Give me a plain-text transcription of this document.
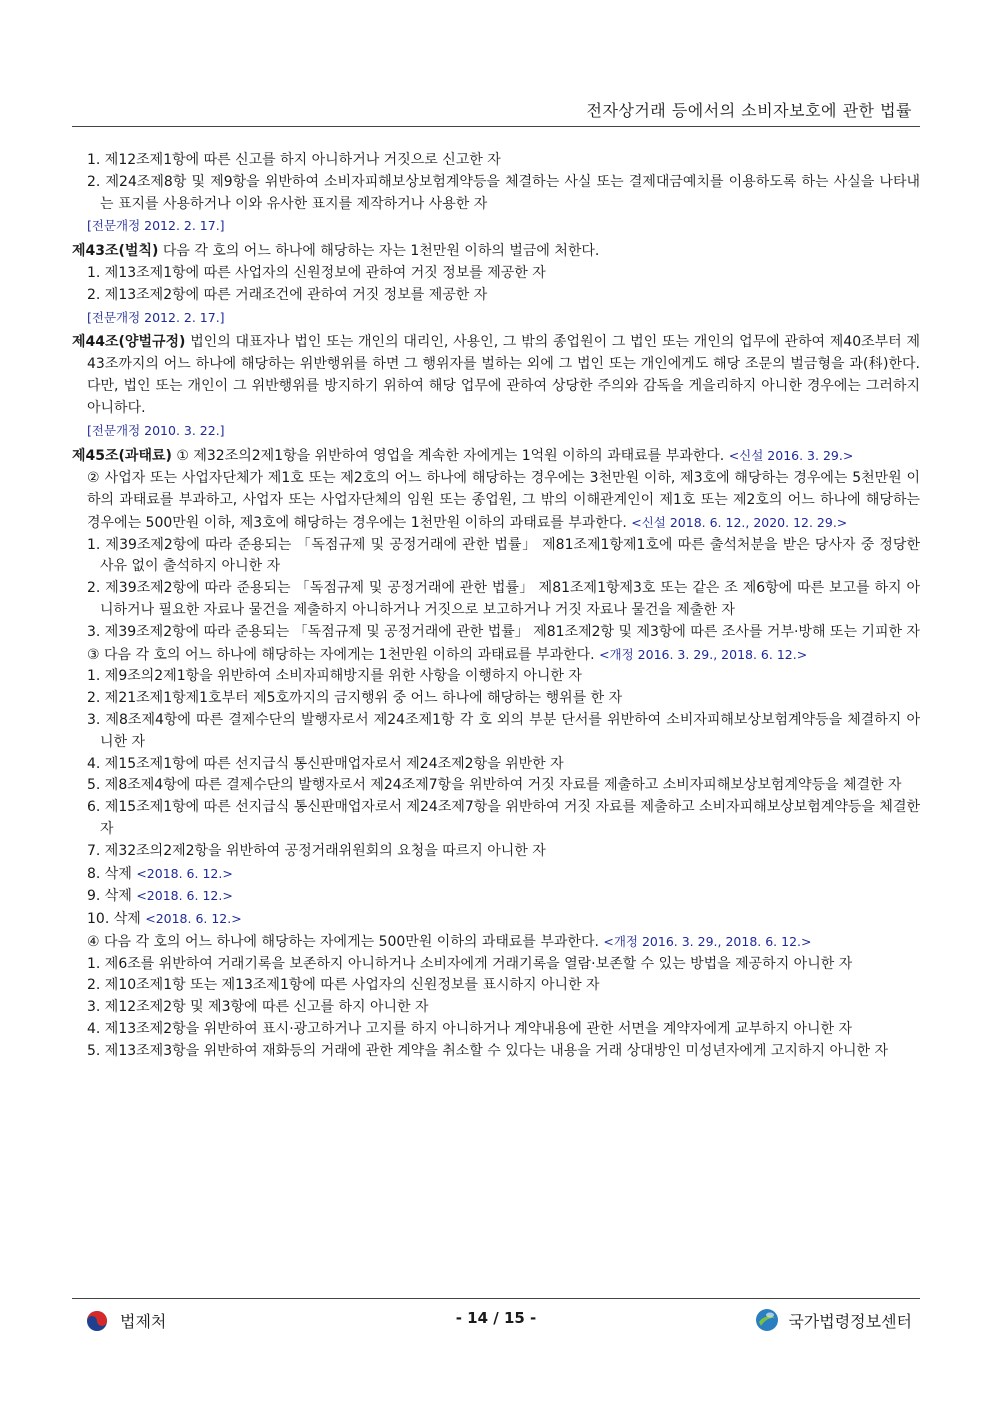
전자상거래 등에서의 소비자보호에 관한 법률
1. 제12조제1항에 따른 신고를 하지 아니하거나 거짓으로 신고한 자
2. 제24조제8항 및 제9항을 위반하여 소비자피해보상보험계약등을 체결하는 사실 또는 결제대금예치를 이용하도록 하는 사실을 나타내는 표지를 사용하거나 이와 유사한 표지를 제작하거나 사용한 자
[전문개정 2012. 2. 17.]
제43조(벌칙) 다음 각 호의 어느 하나에 해당하는 자는 1천만원 이하의 벌금에 처한다.
1. 제13조제1항에 따른 사업자의 신원정보에 관하여 거짓 정보를 제공한 자
2. 제13조제2항에 따른 거래조건에 관하여 거짓 정보를 제공한 자
[전문개정 2012. 2. 17.]
제44조(양벌규정) 법인의 대표자나 법인 또는 개인의 대리인, 사용인, 그 밖의 종업원이 그 법인 또는 개인의 업무에 관하여 제40조부터 제43조까지의 어느 하나에 해당하는 위반행위를 하면 그 행위자를 벌하는 외에 그 법인 또는 개인에게도 해당 조문의 벌금형을 과(科)한다. 다만, 법인 또는 개인이 그 위반행위를 방지하기 위하여 해당 업무에 관하여 상당한 주의와 감독을 게을리하지 아니한 경우에는 그러하지 아니하다.
[전문개정 2010. 3. 22.]
제45조(과태료) ① 제32조의2제1항을 위반하여 영업을 계속한 자에게는 1억원 이하의 과태료를 부과한다. <신설 2016. 3. 29.>
② 사업자 또는 사업자단체가 제1호 또는 제2호의 어느 하나에 해당하는 경우에는 3천만원 이하, 제3호에 해당하는 경우에는 5천만원 이하의 과태료를 부과하고, 사업자 또는 사업자단체의 임원 또는 종업원, 그 밖의 이해관계인이 제1호 또는 제2호의 어느 하나에 해당하는 경우에는 500만원 이하, 제3호에 해당하는 경우에는 1천만원 이하의 과태료를 부과한다. <신설 2018. 6. 12., 2020. 12. 29.>
1. 제39조제2항에 따라 준용되는 「독점규제 및 공정거래에 관한 법률」 제81조제1항제1호에 따른 출석처분을 받은 당사자 중 정당한 사유 없이 출석하지 아니한 자
2. 제39조제2항에 따라 준용되는 「독점규제 및 공정거래에 관한 법률」 제81조제1항제3호 또는 같은 조 제6항에 따른 보고를 하지 아니하거나 필요한 자료나 물건을 제출하지 아니하거나 거짓으로 보고하거나 거짓 자료나 물건을 제출한 자
3. 제39조제2항에 따라 준용되는 「독점규제 및 공정거래에 관한 법률」 제81조제2항 및 제3항에 따른 조사를 거부·방해 또는 기피한 자
③ 다음 각 호의 어느 하나에 해당하는 자에게는 1천만원 이하의 과태료를 부과한다. <개정 2016. 3. 29., 2018. 6. 12.>
1. 제9조의2제1항을 위반하여 소비자피해방지를 위한 사항을 이행하지 아니한 자
2. 제21조제1항제1호부터 제5호까지의 금지행위 중 어느 하나에 해당하는 행위를 한 자
3. 제8조제4항에 따른 결제수단의 발행자로서 제24조제1항 각 호 외의 부분 단서를 위반하여 소비자피해보상보험계약등을 체결하지 아니한 자
4. 제15조제1항에 따른 선지급식 통신판매업자로서 제24조제2항을 위반한 자
5. 제8조제4항에 따른 결제수단의 발행자로서 제24조제7항을 위반하여 거짓 자료를 제출하고 소비자피해보상보험계약등을 체결한 자
6. 제15조제1항에 따른 선지급식 통신판매업자로서 제24조제7항을 위반하여 거짓 자료를 제출하고 소비자피해보상보험계약등을 체결한 자
7. 제32조의2제2항을 위반하여 공정거래위원회의 요청을 따르지 아니한 자
8. 삭제 <2018. 6. 12.>
9. 삭제 <2018. 6. 12.>
10. 삭제 <2018. 6. 12.>
④ 다음 각 호의 어느 하나에 해당하는 자에게는 500만원 이하의 과태료를 부과한다. <개정 2016. 3. 29., 2018. 6. 12.>
1. 제6조를 위반하여 거래기록을 보존하지 아니하거나 소비자에게 거래기록을 열람·보존할 수 있는 방법을 제공하지 아니한 자
2. 제10조제1항 또는 제13조제1항에 따른 사업자의 신원정보를 표시하지 아니한 자
3. 제12조제2항 및 제3항에 따른 신고를 하지 아니한 자
4. 제13조제2항을 위반하여 표시·광고하거나 고지를 하지 아니하거나 계약내용에 관한 서면을 계약자에게 교부하지 아니한 자
5. 제13조제3항을 위반하여 재화등의 거래에 관한 계약을 취소할 수 있다는 내용을 거래 상대방인 미성년자에게 고지하지 아니한 자
법제처	- 14 / 15 -	국가법령정보센터
